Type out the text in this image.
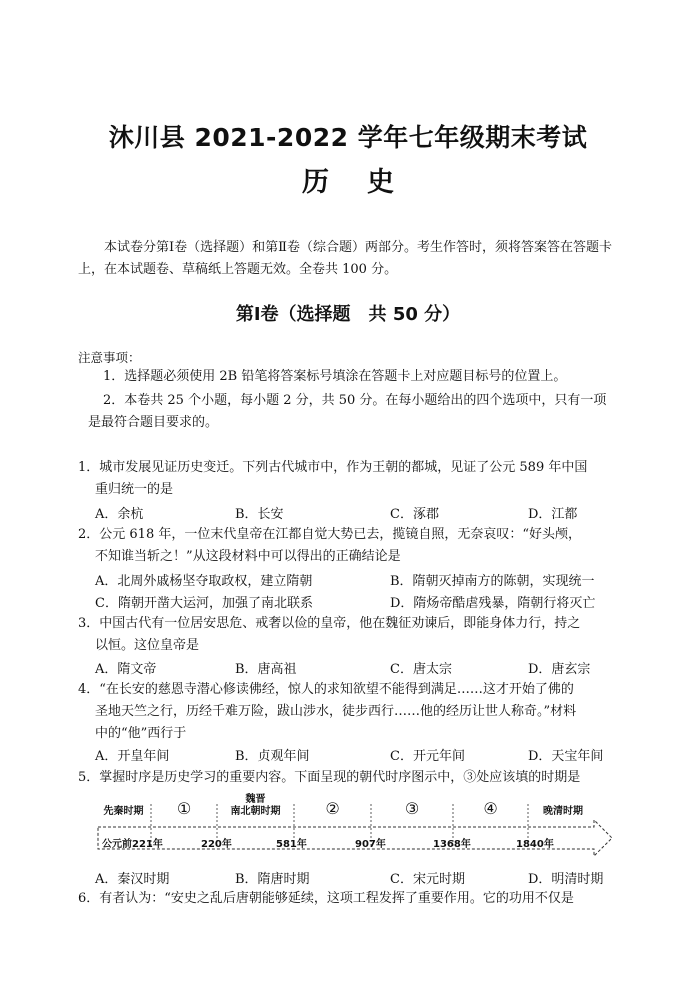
沐川县 2021-2022 学年七年级期末考试
历史
本试卷分第Ⅰ卷（选择题）和第Ⅱ卷（综合题）两部分。考生作答时，须将答案答在答题卡上，在本试题卷、草稿纸上答题无效。全卷共 100 分。
第Ⅰ卷（选择题　共 50 分）
注意事项：
1．选择题必须使用 2B 铅笔将答案标号填涂在答题卡上对应题目标号的位置上。
2．本卷共 25 个小题，每小题 2 分，共 50 分。在每小题给出的四个选项中，只有一项
是最符合题目要求的。
1．城市发展见证历史变迁。下列古代城市中，作为王朝的都城，见证了公元 589 年中国
重归统一的是
A．余杭	B．长安	C．涿郡	D．江都
2．公元 618 年，一位末代皇帝在江都自觉大势已去，揽镜自照，无奈哀叹：“好头颅，
不知谁当斩之！”从这段材料中可以得出的正确结论是
A．北周外戚杨坚夺取政权，建立隋朝	B．隋朝灭掉南方的陈朝，实现统一
C．隋朝开凿大运河，加强了南北联系	D．隋炀帝酷虐残暴，隋朝行将灭亡
3．中国古代有一位居安思危、戒奢以俭的皇帝，他在魏征劝谏后，即能身体力行，持之
以恒。这位皇帝是
A．隋文帝	B．唐高祖	C．唐太宗	D．唐玄宗
4．“在长安的慈恩寺潜心修读佛经，惊人的求知欲望不能得到满足……这才开始了佛的
圣地天竺之行，历经千难万险，跋山涉水，徒步西行……他的经历让世人称奇。”材料
中的“他”西行于
A．开皇年间	B．贞观年间	C．开元年间	D．天宝年间
5．掌握时序是历史学习的重要内容。下面呈现的朝代时序图示中，③处应该填的时期是
先秦时期	①	魏晋
南北朝时期	②	③	④	晚清时期
公元前221年	220年	581年	907年	1368年	1840年
A．秦汉时期	B．隋唐时期	C．宋元时期	D．明清时期
6．有者认为：“安史之乱后唐朝能够延续，这项工程发挥了重要作用。它的功用不仅是
